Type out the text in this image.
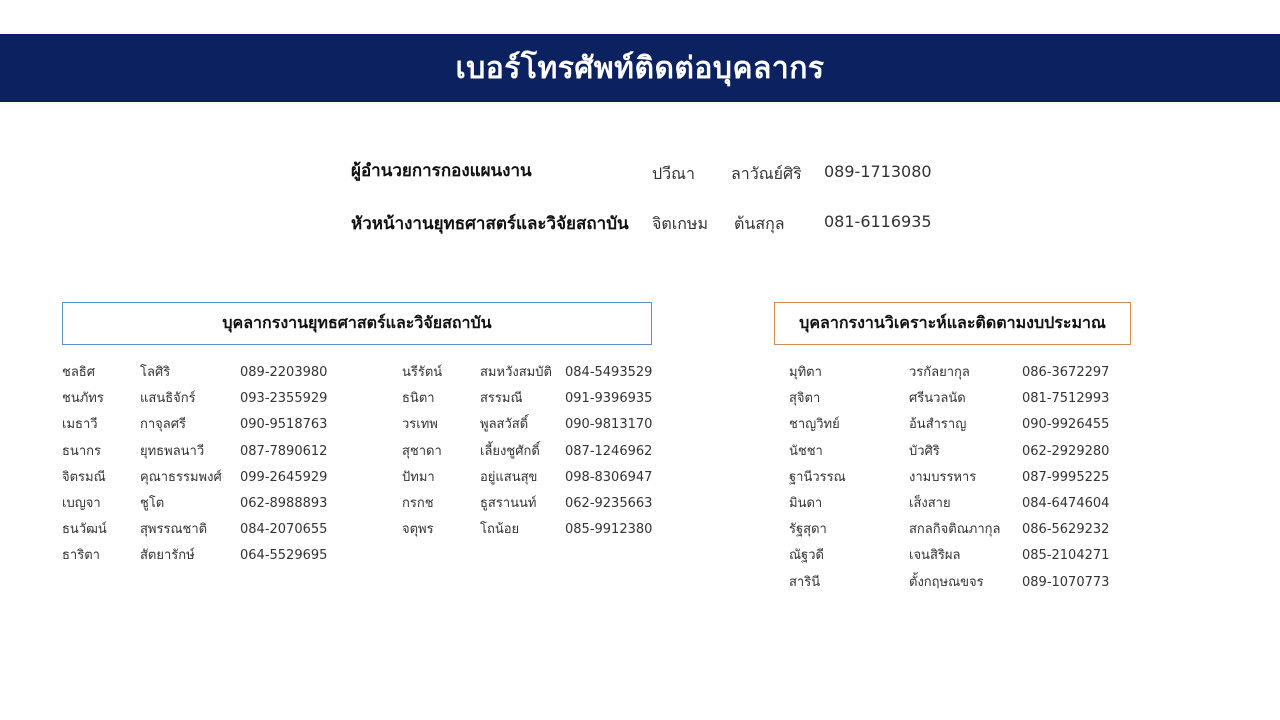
เบอร์โทรศัพท์ติดต่อบุคลากร
ผู้อำนวยการกองแผนงาน	ปวีณา ลาวัณย์ศิริ 089-1713080
หัวหน้างานยุทธศาสตร์และวิจัยสถาบัน จิตเกษม ต้นสกุล 081-6116935
บุคลากรงานยุทธศาสตร์และวิจัยสถาบัน	บุคลากรงานวิเคราะห์และติดตามงบประมาณ
ชลธิศ	โลศิริ	089-2203980
ชนภัทร	แสนธิจักร์	093-2355929
เมธาวี	กาจุลศรี	090-9518763
ธนากร	ยุทธพลนาวี	087-7890612
จิตรมณี	คุณาธรรมพงศ์ 099-2645929
เบญจา	ชูโต	062-8988893
ธนวัฒน์	สุพรรณชาติ	084-2070655
ธาริตา	สัตยารักษ์	064-5529695
นรีรัตน์	สมหวังสมบัติ 084-5493529
ธนิตา	สรรมณี	091-9396935
วรเทพ	พูลสวัสดิ์	090-9813170
สุชาดา	เลี้ยงชูศักดิ์ 087-1246962
ปัทมา	อยู่แสนสุข 098-8306947
กรกช	ธูสรานนท์ 062-9235663
จตุพร	โถน้อย	085-9912380
มุทิตา	วรกัลยากุล	086-3672297
สุจิตา	ศรีนวลนัด	081-7512993
ชาญวิทย์	อ้นสำราญ	090-9926455
นัชชา	บัวศิริ	062-2929280
ฐานีวรรณ	งามบรรหาร	087-9995225
มินดา	เส็งสาย	084-6474604
รัฐสุดา	สกลกิจติณภากุล 086-5629232
ณัฐวดี	เจนสิริผล	085-2104271
สารินี	ตั้งกฤษณขจร	089-1070773
